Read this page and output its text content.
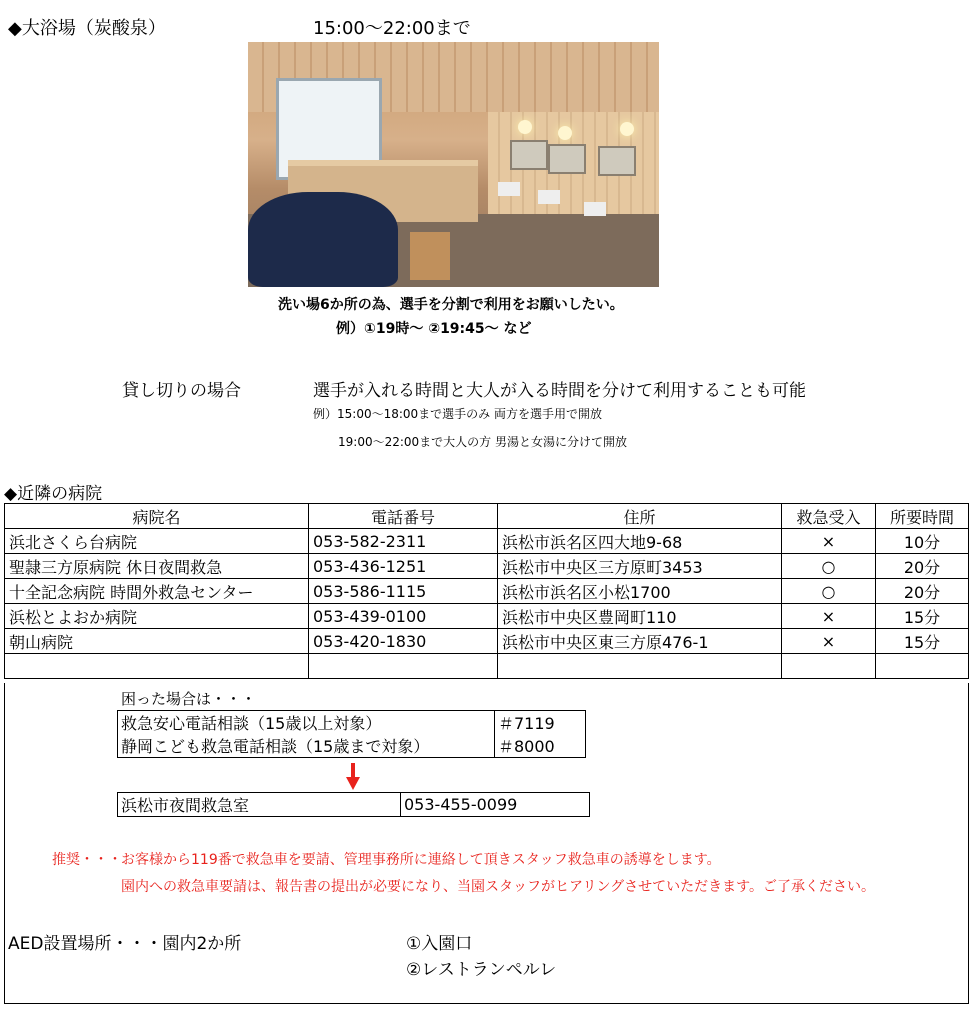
◆大浴場（炭酸泉）	15:00～22:00まで
洗い場6か所の為、選手を分割で利用をお願いしたい。
例）①19時～ ②19:45～ など
貸し切りの場合	選手が入れる時間と大人が入る時間を分けて利用することも可能
例）15:00～18:00まで選手のみ 両方を選手用で開放
19:00～22:00まで大人の方 男湯と女湯に分けて開放
◆近隣の病院
病院名	電話番号	住所	救急受入	所要時間
浜北さくら台病院	053-582-2311	浜松市浜名区四大地9-68	×	10分
聖隷三方原病院 休日夜間救急	053-436-1251	浜松市中央区三方原町3453	○	20分
十全記念病院 時間外救急センター	053-586-1115	浜松市浜名区小松1700	○	20分
浜松とよおか病院	053-439-0100	浜松市中央区豊岡町110	×	15分
朝山病院	053-420-1830	浜松市中央区東三方原476-1	×	15分

困った場合は・・・
救急安心電話相談（15歳以上対象）	＃7119
静岡こども救急電話相談（15歳まで対象）	＃8000
浜松市夜間救急室	053-455-0099
推奨・・・ お客様から119番で救急車を要請、管理事務所に連絡して頂きスタッフ救急車の誘導をします。
園内への救急車要請は、報告書の提出が必要になり、当園スタッフがヒアリングさせていただきます。ご了承ください。
AED設置場所・・・園内2か所	①入園口
②レストランペルレ
